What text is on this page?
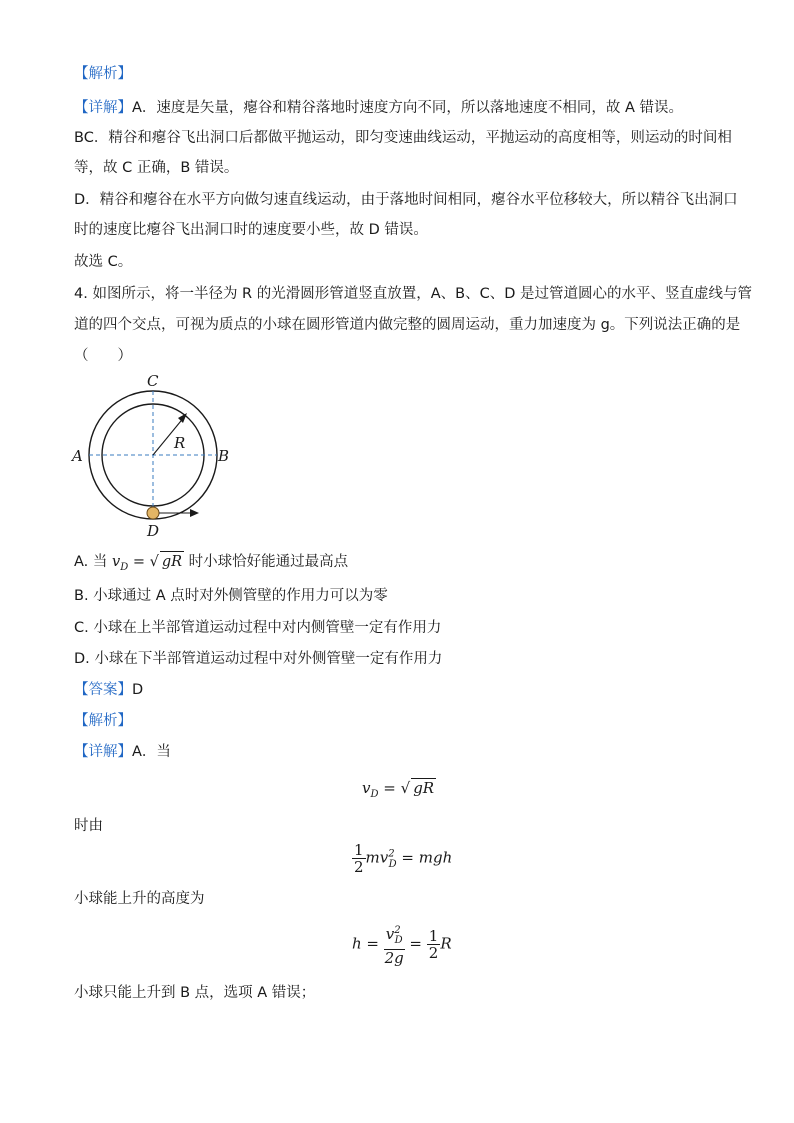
【解析】
【详解】A．速度是矢量，瘪谷和精谷落地时速度方向不同，所以落地速度不相同，故 A 错误。
BC．精谷和瘪谷飞出洞口后都做平抛运动，即匀变速曲线运动，平抛运动的高度相等，则运动的时间相
等，故 C 正确，B 错误。
D．精谷和瘪谷在水平方向做匀速直线运动，由于落地时间相同，瘪谷水平位移较大，所以精谷飞出洞口
时的速度比瘪谷飞出洞口时的速度要小些，故 D 错误。
故选 C。
4. 如图所示，将一半径为 R 的光滑圆形管道竖直放置，A、B、C、D 是过管道圆心的水平、竖直虚线与管
道的四个交点，可视为质点的小球在圆形管道内做完整的圆周运动，重力加速度为 g。下列说法正确的是
（　　）
C
A	B
D
R
A. 当 $v_D$ = √ gR 时小球恰好能通过最高点
B. 小球通过 A 点时对外侧管壁的作用力可以为零
C. 小球在上半部管道运动过程中对内侧管壁一定有作用力
D. 小球在下半部管道运动过程中对外侧管壁一定有作用力
【答案】D
【解析】
【详解】A．当
$v_D$ = √ gR
时由
$\frac{1}{2} mv^2_D$ = mgh
小球能上升的高度为
$h = \frac{v^2_D}{2g} = \frac{1}{2}$ R
小球只能上升到 B 点，选项 A 错误；
